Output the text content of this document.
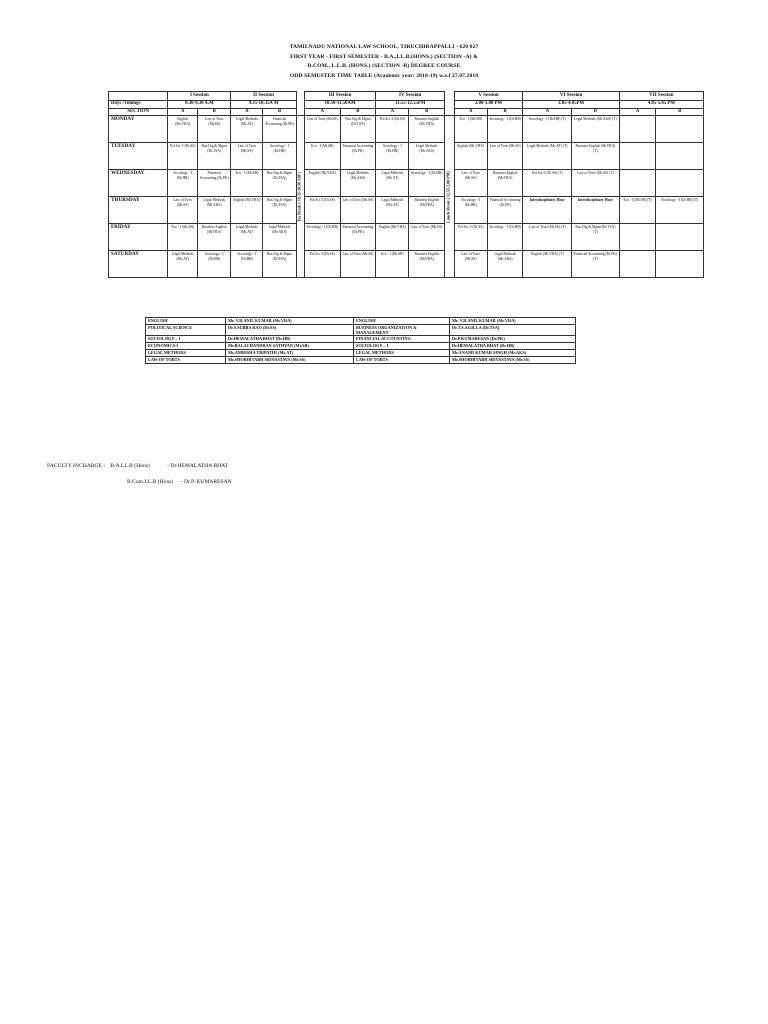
TAMILNADU NATIONAL LAW SCHOOL, TIRUCHIRAPPALLI - 620 027
FIRST YEAR - FIRST SEMESTER - B.A.,LL.B.(HONS.) (SECTION -A) &
B.COM., L.L.B. (HONS.) (SECTION -B) DEGREE COURSE
ODD SEMESTER TIME TABLE (Academic year: 2018-19) w.e.f 27.07.2018
	I Session		II Session			III Session		IV Session			V Session		VI Session		VII Session	
Days /Timings	8.30-9.30 A.M		9.35-10.35A M			10.50-11.50AM		11.55-12.55PM			2.00-3.00 PM		3.05-4.05PM		4.05-5.05 PM	
SECTION	A	B	A	B		A	B	A	B		A	B	A	B	A	B
MONDAY	English (Mr.VRA)	Law of Torts (Mr.SS)	Legal Methods (Ms.AT)	Financial Accounting (Dr.PK)	Tea Break ( 10.35-10.50 AM )	Law of Torts (Mr.SS)	Bus.Org.& Mgmt (Dr.TSA)	Pol.Sci.-I (Dr.SS)	Business English (Mr.VRA)	Lunch Break ( 12.55-2.00 PM)	Eco - I (Mr.SB)	Sociology - I (Dr.HB)	Sociology - I (Dr.HB) (T)	Legal Methods (Mr.AKS) (T)		
TUESDAY	Pol.Sci.-I (Dr.SS)	Bus.Org.& Mgmt (Dr.TSA)	Law of Torts (Mr.SS)	Sociology - I (Dr.HB)		Eco - I (Mr.SB)	Financial Accounting (Dr.PK)	Sociology - I (Dr.HB)	Legal Methods (Mr.AKS)		English (Mr.VRA)	Law of Torts (Mr.SS)	Legal Methods (Ms.AT) (T)	Business English (MrVRA) (T)		
WEDNESDAY	Sociology - I (Dr.HB)	Financial Accounting (Dr.PK)	Eco - I (Mr.SB)	Bus.Org.& Mgmt (Dr.TSA)		English (Mr.VRA)	Legal Methods (Mr.AKS)	Legal Methods (Ms.AT)	Sociology - I (Dr.HB)		Law of Torts (Mr.SS)	Business English (MrVRA)	Pol.Sci.-I (Dr.SS) (T)	Law of Torts (Mr.SS) (T)		
THURSDAY	Law of Torts (Mr.SS)	Legal Methods (Mr.AKS)	English (Mr.VRA)	Bus.Org.& Mgmt (Dr.TSA)		Pol.Sci.-I (Dr.SS)	Law of Torts (Mr.SS)	Legal Methods (Ms.AT)	Business English (MrVRA)		Sociology - I (Dr.HB)	Financial Accounting (Dr.PK)	Interdisciplinary Hour	Interdisciplinary Hour	Eco - I (Mr.SB) (T)	Sociology - I (Dr.HB) (T)
FRIDAY	Eco - I (Mr.SB)	Business English (MrVRA)	Legal Methods (Ms.AT)	Legal Methods (Mr.AKS)		Sociology - I (Dr.HB)	Financial Accounting (Dr.PK)	English (Mr.VRA)	Law of Torts (Mr.SS)		Pol.Sci.-I (Dr.SS)	Sociology - I (Dr.HB)	Law of Torts (Mr.SS) (T)	Bus.Org.& Mgmt.(Dr.TSA) (T)		
SATURDAY	Legal Methods (Ms.AT)	Sociology - I (Dr.HB)	Sociology - I (Dr.HB)	Bus.Org.& Mgmt (Dr.TSA)		Pol.Sci.-I (Dr.SS)	Law of Torts (Mr.SS)	Eco - I (Mr.SB)	Business English (MrVRA)		Law of Torts (Mr.SS)	Legal Methods (Mr.AKS)	English (Mr.VRA) (T)	Financial Accounting (Dr.PK) (T)		
ENGLISH	Mr. V.R.ANIL KUMAR (Mr.VRA)	ENGLISH	Mr. V.R.ANIL KUMAR (Mr.VRA)
POLITICAL SCIENCE	Dr.S.SUBBA RAO (Dr.SS)	BUSINESS ORGANIZATION & MANAGEMENT	Dr.T.S.AGILLA (Dr.TSA)
SOCIOLOGY – I	Dr.HEMALATHA BHAT (Dr.HB)	FINANCIAL ACCOUNTING	Dr.P.KUMARESAN (Dr.PK)
ECONOMICS-I	Mr.BALACHANDRAN SATHYAN (Mr.SB)	SOCIOLOGY – I	Dr.HEMALATHA BHAT (Dr.HB)
LEGAL METHODS	Ms.AMRISHA TRIPATHI (Ms.AT)	LEGAL METHODS	Mr.ANAND KUMAR SINGH (Mr.AKS)
LAW OF TORTS	Mr.SHOBHITABH SRIVASTAVA (Mr.SS)	LAW OF TORTS	Mr.SHOBHITABH SRIVASTAVA (Mr.SS)
FACULTY INCHARGE : B.A.LL.B (Hons)	- Dr.HEMALATHA BHAT
B.Com.LL.B (Hons) - Dr.P. KUMARESAN
